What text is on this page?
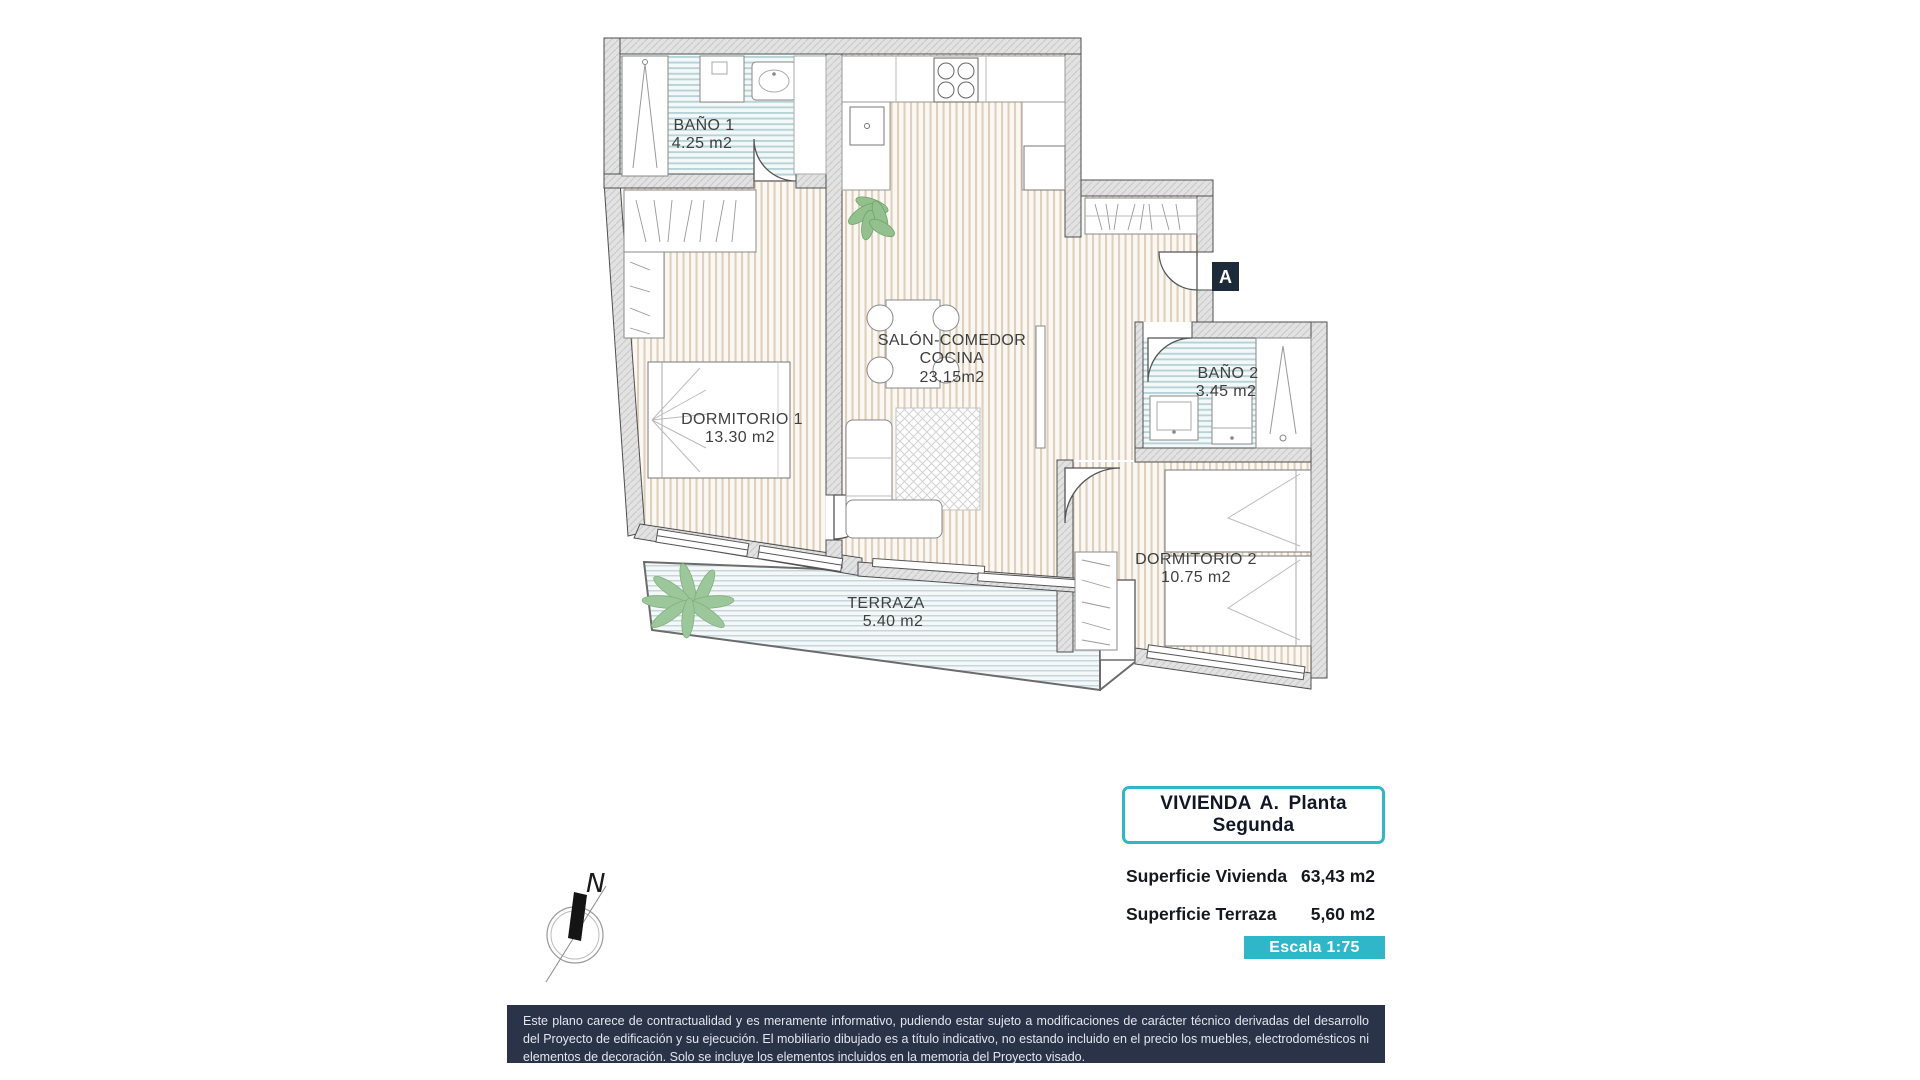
A
BAÑO 1
4.25 m2
SALÓN-COMEDOR
COCINA
23.15m2
DORMITORIO 1
13.30 m2
BAÑO 2
3.45 m2
DORMITORIO 2
10.75 m2
TERRAZA
5.40 m2
N
VIVIENDA A. Planta Segunda
Superficie Vivienda 63,43 m2
Superficie Terraza 5,60 m2
Escala 1:75

Este plano carece de contractualidad y es meramente informativo, pudiendo estar sujeto a modificaciones de carácter técnico derivadas del desarrollo del Proyecto de edificación y su ejecución. El mobiliario dibujado es a título indicativo, no estando incluido en el precio los muebles, electrodomésticos ni elementos de decoración. Solo se incluye los elementos incluidos en la memoria del Proyecto visado.
